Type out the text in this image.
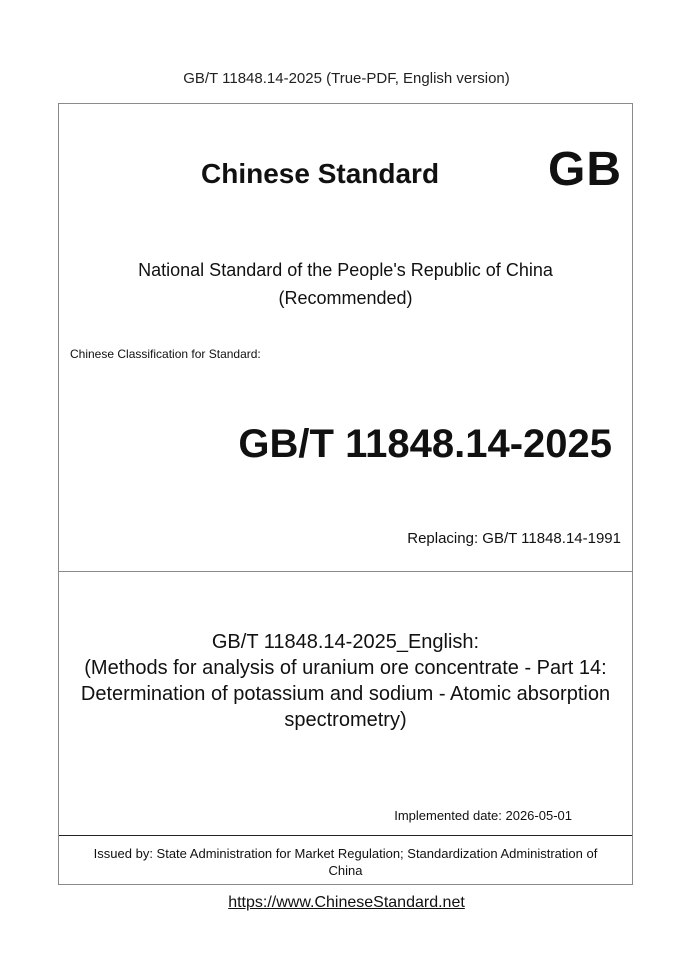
GB/T 11848.14-2025 (True-PDF, English version)
Chinese Standard GB
National Standard of the People's Republic of China
(Recommended)
Chinese Classification for Standard:
GB/T 11848.14-2025
Replacing: GB/T 11848.14-1991
GB/T 11848.14-2025_English:
(Methods for analysis of uranium ore concentrate - Part 14:
Determination of potassium and sodium - Atomic absorption
spectrometry)
Implemented date: 2026-05-01
Issued by: State Administration for Market Regulation; Standardization Administration of
China
https://www.ChineseStandard.net
